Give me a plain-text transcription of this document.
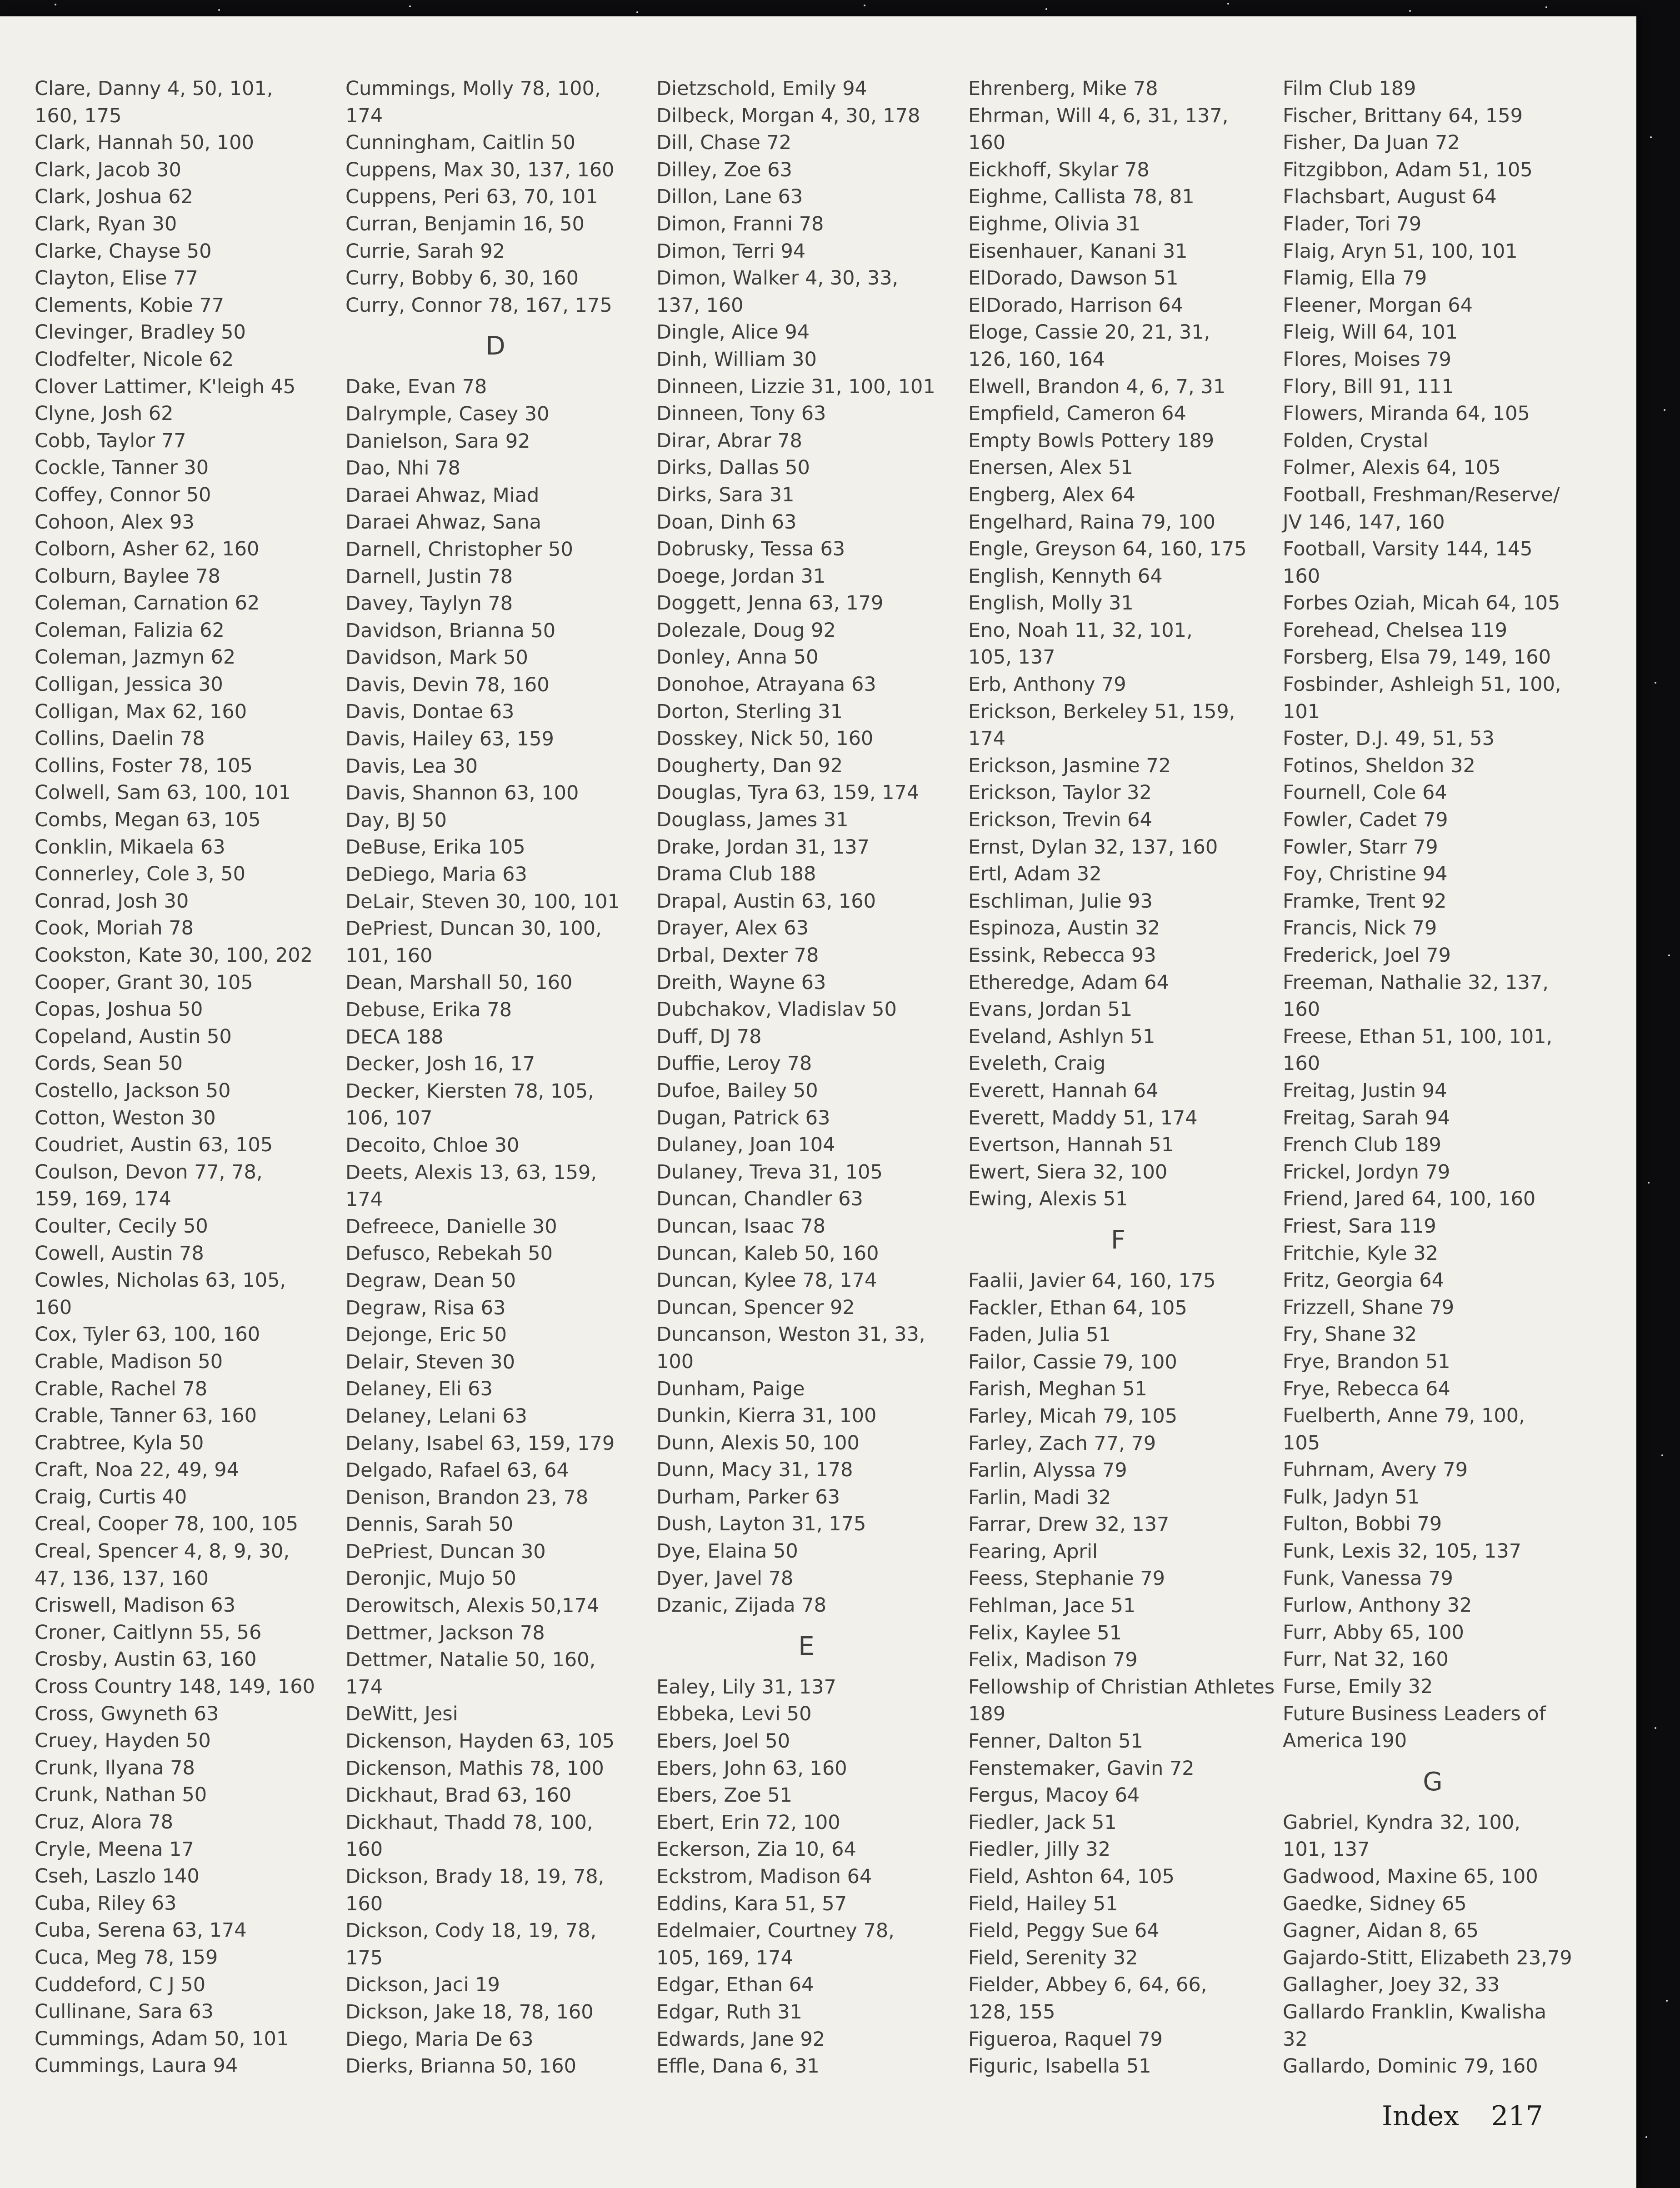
Clare, Danny 4, 50, 101,
160, 175
Clark, Hannah 50, 100
Clark, Jacob 30
Clark, Joshua 62
Clark, Ryan 30
Clarke, Chayse 50
Clayton, Elise 77
Clements, Kobie 77
Clevinger, Bradley 50
Clodfelter, Nicole 62
Clover Lattimer, K'leigh 45
Clyne, Josh 62
Cobb, Taylor 77
Cockle, Tanner 30
Coffey, Connor 50
Cohoon, Alex 93
Colborn, Asher 62, 160
Colburn, Baylee 78
Coleman, Carnation 62
Coleman, Falizia 62
Coleman, Jazmyn 62
Colligan, Jessica 30
Colligan, Max 62, 160
Collins, Daelin 78
Collins, Foster 78, 105
Colwell, Sam 63, 100, 101
Combs, Megan 63, 105
Conklin, Mikaela 63
Connerley, Cole 3, 50
Conrad, Josh 30
Cook, Moriah 78
Cookston, Kate 30, 100, 202
Cooper, Grant 30, 105
Copas, Joshua 50
Copeland, Austin 50
Cords, Sean 50
Costello, Jackson 50
Cotton, Weston 30
Coudriet, Austin 63, 105
Coulson, Devon 77, 78,
159, 169, 174
Coulter, Cecily 50
Cowell, Austin 78
Cowles, Nicholas 63, 105,
160
Cox, Tyler 63, 100, 160
Crable, Madison 50
Crable, Rachel 78
Crable, Tanner 63, 160
Crabtree, Kyla 50
Craft, Noa 22, 49, 94
Craig, Curtis 40
Creal, Cooper 78, 100, 105
Creal, Spencer 4, 8, 9, 30,
47, 136, 137, 160
Criswell, Madison 63
Croner, Caitlynn 55, 56
Crosby, Austin 63, 160
Cross Country 148, 149, 160
Cross, Gwyneth 63
Cruey, Hayden 50
Crunk, Ilyana 78
Crunk, Nathan 50
Cruz, Alora 78
Cryle, Meena 17
Cseh, Laszlo 140
Cuba, Riley 63
Cuba, Serena 63, 174
Cuca, Meg 78, 159
Cuddeford, C J 50
Cullinane, Sara 63
Cummings, Adam 50, 101
Cummings, Laura 94
Cummings, Molly 78, 100,
174
Cunningham, Caitlin 50
Cuppens, Max 30, 137, 160
Cuppens, Peri 63, 70, 101
Curran, Benjamin 16, 50
Currie, Sarah 92
Curry, Bobby 6, 30, 160
Curry, Connor 78, 167, 175
D
Dake, Evan 78
Dalrymple, Casey 30
Danielson, Sara 92
Dao, Nhi 78
Daraei Ahwaz, Miad
Daraei Ahwaz, Sana
Darnell, Christopher 50
Darnell, Justin 78
Davey, Taylyn 78
Davidson, Brianna 50
Davidson, Mark 50
Davis, Devin 78, 160
Davis, Dontae 63
Davis, Hailey 63, 159
Davis, Lea 30
Davis, Shannon 63, 100
Day, BJ 50
DeBuse, Erika 105
DeDiego, Maria 63
DeLair, Steven 30, 100, 101
DePriest, Duncan 30, 100,
101, 160
Dean, Marshall 50, 160
Debuse, Erika 78
DECA 188
Decker, Josh 16, 17
Decker, Kiersten 78, 105,
106, 107
Decoito, Chloe 30
Deets, Alexis 13, 63, 159,
174
Defreece, Danielle 30
Defusco, Rebekah 50
Degraw, Dean 50
Degraw, Risa 63
Dejonge, Eric 50
Delair, Steven 30
Delaney, Eli 63
Delaney, Lelani 63
Delany, Isabel 63, 159, 179
Delgado, Rafael 63, 64
Denison, Brandon 23, 78
Dennis, Sarah 50
DePriest, Duncan 30
Deronjic, Mujo 50
Derowitsch, Alexis 50,174
Dettmer, Jackson 78
Dettmer, Natalie 50, 160,
174
DeWitt, Jesi
Dickenson, Hayden 63, 105
Dickenson, Mathis 78, 100
Dickhaut, Brad 63, 160
Dickhaut, Thadd 78, 100,
160
Dickson, Brady 18, 19, 78,
160
Dickson, Cody 18, 19, 78,
175
Dickson, Jaci 19
Dickson, Jake 18, 78, 160
Diego, Maria De 63
Dierks, Brianna 50, 160
Dietzschold, Emily 94
Dilbeck, Morgan 4, 30, 178
Dill, Chase 72
Dilley, Zoe 63
Dillon, Lane 63
Dimon, Franni 78
Dimon, Terri 94
Dimon, Walker 4, 30, 33,
137, 160
Dingle, Alice 94
Dinh, William 30
Dinneen, Lizzie 31, 100, 101
Dinneen, Tony 63
Dirar, Abrar 78
Dirks, Dallas 50
Dirks, Sara 31
Doan, Dinh 63
Dobrusky, Tessa 63
Doege, Jordan 31
Doggett, Jenna 63, 179
Dolezale, Doug 92
Donley, Anna 50
Donohoe, Atrayana 63
Dorton, Sterling 31
Dosskey, Nick 50, 160
Dougherty, Dan 92
Douglas, Tyra 63, 159, 174
Douglass, James 31
Drake, Jordan 31, 137
Drama Club 188
Drapal, Austin 63, 160
Drayer, Alex 63
Drbal, Dexter 78
Dreith, Wayne 63
Dubchakov, Vladislav 50
Duff, DJ 78
Duffie, Leroy 78
Dufoe, Bailey 50
Dugan, Patrick 63
Dulaney, Joan 104
Dulaney, Treva 31, 105
Duncan, Chandler 63
Duncan, Isaac 78
Duncan, Kaleb 50, 160
Duncan, Kylee 78, 174
Duncan, Spencer 92
Duncanson, Weston 31, 33,
100
Dunham, Paige
Dunkin, Kierra 31, 100
Dunn, Alexis 50, 100
Dunn, Macy 31, 178
Durham, Parker 63
Dush, Layton 31, 175
Dye, Elaina 50
Dyer, Javel 78
Dzanic, Zijada 78
E
Ealey, Lily 31, 137
Ebbeka, Levi 50
Ebers, Joel 50
Ebers, John 63, 160
Ebers, Zoe 51
Ebert, Erin 72, 100
Eckerson, Zia 10, 64
Eckstrom, Madison 64
Eddins, Kara 51, 57
Edelmaier, Courtney 78,
105, 169, 174
Edgar, Ethan 64
Edgar, Ruth 31
Edwards, Jane 92
Effle, Dana 6, 31
Ehrenberg, Mike 78
Ehrman, Will 4, 6, 31, 137,
160
Eickhoff, Skylar 78
Eighme, Callista 78, 81
Eighme, Olivia 31
Eisenhauer, Kanani 31
ElDorado, Dawson 51
ElDorado, Harrison 64
Eloge, Cassie 20, 21, 31,
126, 160, 164
Elwell, Brandon 4, 6, 7, 31
Empfield, Cameron 64
Empty Bowls Pottery 189
Enersen, Alex 51
Engberg, Alex 64
Engelhard, Raina 79, 100
Engle, Greyson 64, 160, 175
English, Kennyth 64
English, Molly 31
Eno, Noah 11, 32, 101,
105, 137
Erb, Anthony 79
Erickson, Berkeley 51, 159,
174
Erickson, Jasmine 72
Erickson, Taylor 32
Erickson, Trevin 64
Ernst, Dylan 32, 137, 160
Ertl, Adam 32
Eschliman, Julie 93
Espinoza, Austin 32
Essink, Rebecca 93
Etheredge, Adam 64
Evans, Jordan 51
Eveland, Ashlyn 51
Eveleth, Craig
Everett, Hannah 64
Everett, Maddy 51, 174
Evertson, Hannah 51
Ewert, Siera 32, 100
Ewing, Alexis 51
F
Faalii, Javier 64, 160, 175
Fackler, Ethan 64, 105
Faden, Julia 51
Failor, Cassie 79, 100
Farish, Meghan 51
Farley, Micah 79, 105
Farley, Zach 77, 79
Farlin, Alyssa 79
Farlin, Madi 32
Farrar, Drew 32, 137
Fearing, April
Feess, Stephanie 79
Fehlman, Jace 51
Felix, Kaylee 51
Felix, Madison 79
Fellowship of Christian Athletes
189
Fenner, Dalton 51
Fenstemaker, Gavin 72
Fergus, Macoy 64
Fiedler, Jack 51
Fiedler, Jilly 32
Field, Ashton 64, 105
Field, Hailey 51
Field, Peggy Sue 64
Field, Serenity 32
Fielder, Abbey 6, 64, 66,
128, 155
Figueroa, Raquel 79
Figuric, Isabella 51
Film Club 189
Fischer, Brittany 64, 159
Fisher, Da Juan 72
Fitzgibbon, Adam 51, 105
Flachsbart, August 64
Flader, Tori 79
Flaig, Aryn 51, 100, 101
Flamig, Ella 79
Fleener, Morgan 64
Fleig, Will 64, 101
Flores, Moises 79
Flory, Bill 91, 111
Flowers, Miranda 64, 105
Folden, Crystal
Folmer, Alexis 64, 105
Football, Freshman/Reserve/
JV 146, 147, 160
Football, Varsity 144, 145
160
Forbes Oziah, Micah 64, 105
Forehead, Chelsea 119
Forsberg, Elsa 79, 149, 160
Fosbinder, Ashleigh 51, 100,
101
Foster, D.J. 49, 51, 53
Fotinos, Sheldon 32
Fournell, Cole 64
Fowler, Cadet 79
Fowler, Starr 79
Foy, Christine 94
Framke, Trent 92
Francis, Nick 79
Frederick, Joel 79
Freeman, Nathalie 32, 137,
160
Freese, Ethan 51, 100, 101,
160
Freitag, Justin 94
Freitag, Sarah 94
French Club 189
Frickel, Jordyn 79
Friend, Jared 64, 100, 160
Friest, Sara 119
Fritchie, Kyle 32
Fritz, Georgia 64
Frizzell, Shane 79
Fry, Shane 32
Frye, Brandon 51
Frye, Rebecca 64
Fuelberth, Anne 79, 100,
105
Fuhrnam, Avery 79
Fulk, Jadyn 51
Fulton, Bobbi 79
Funk, Lexis 32, 105, 137
Funk, Vanessa 79
Furlow, Anthony 32
Furr, Abby 65, 100
Furr, Nat 32, 160
Furse, Emily 32
Future Business Leaders of
America 190
G
Gabriel, Kyndra 32, 100,
101, 137
Gadwood, Maxine 65, 100
Gaedke, Sidney 65
Gagner, Aidan 8, 65
Gajardo-Stitt, Elizabeth 23,79
Gallagher, Joey 32, 33
Gallardo Franklin, Kwalisha
32
Gallardo, Dominic 79, 160
Index 217
